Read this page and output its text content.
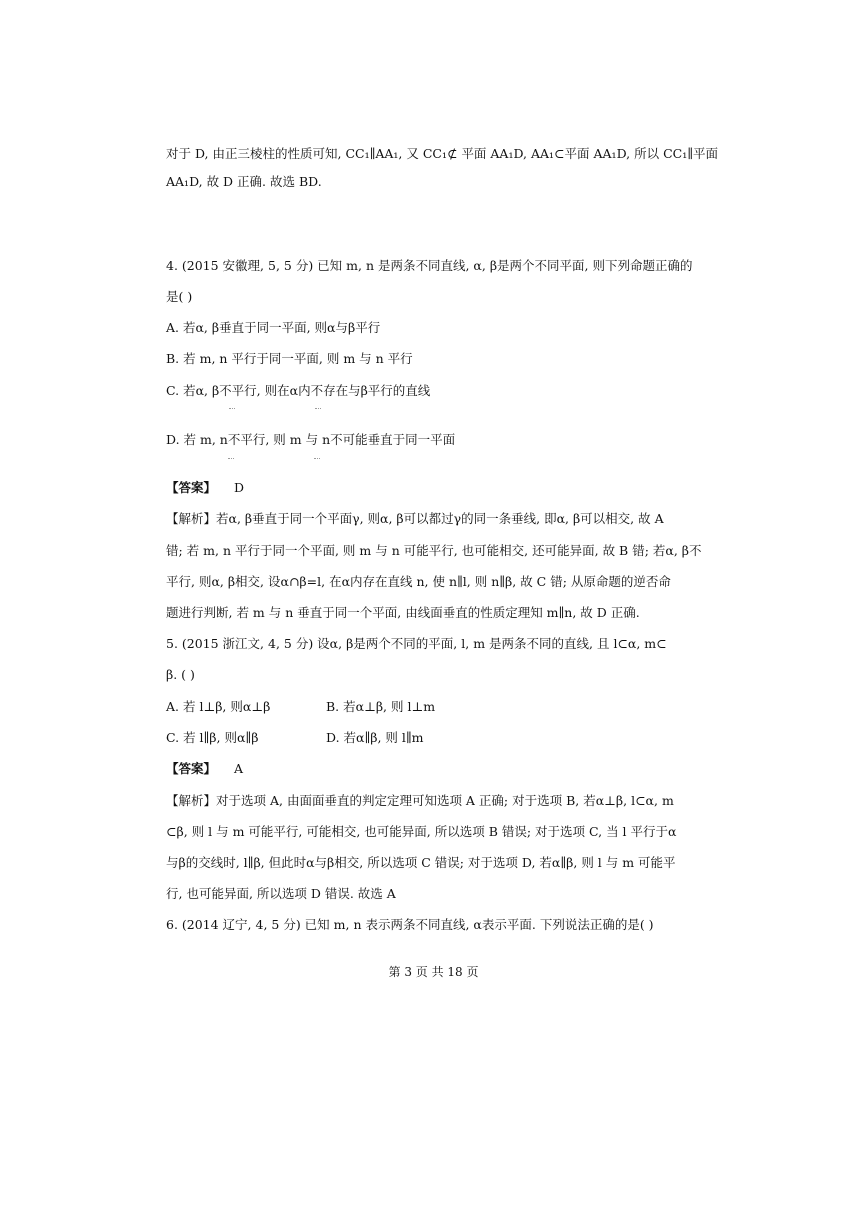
对于 D, 由正三棱柱的性质可知, CC₁∥AA₁, 又 CC₁⊄ 平面 AA₁D, AA₁⊂平面 AA₁D, 所以 CC₁∥平面
AA₁D, 故 D 正确. 故选 BD.
4. (2015 安徽理, 5, 5 分) 已知 m, n 是两条不同直线, α, β是两个不同平面, 则下列命题正确的
是( )
A. 若α, β垂直于同一平面, 则α与β平行
B. 若 m, n 平行于同一平面, 则 m 与 n 平行
C. 若α, β不平行, 则在α内不存在与β平行的直线
D. 若 m, n不平行, 则 m 与 n不可能垂直于同一平面
【答案】 D
【解析】若α, β垂直于同一个平面γ, 则α, β可以都过γ的同一条垂线, 即α, β可以相交, 故 A
错; 若 m, n 平行于同一个平面, 则 m 与 n 可能平行, 也可能相交, 还可能异面, 故 B 错; 若α, β不
平行, 则α, β相交, 设α∩β=l, 在α内存在直线 n, 使 n∥l, 则 n∥β, 故 C 错; 从原命题的逆否命
题进行判断, 若 m 与 n 垂直于同一个平面, 由线面垂直的性质定理知 m∥n, 故 D 正确.
5. (2015 浙江文, 4, 5 分) 设α, β是两个不同的平面, l, m 是两条不同的直线, 且 l⊂α, m⊂
β. ( )
A. 若 l⊥β, 则α⊥β	B. 若α⊥β, 则 l⊥m
C. 若 l∥β, 则α∥β	D. 若α∥β, 则 l∥m
【答案】 A
【解析】对于选项 A, 由面面垂直的判定定理可知选项 A 正确; 对于选项 B, 若α⊥β, l⊂α, m
⊂β, 则 l 与 m 可能平行, 可能相交, 也可能异面, 所以选项 B 错误; 对于选项 C, 当 l 平行于α
与β的交线时, l∥β, 但此时α与β相交, 所以选项 C 错误; 对于选项 D, 若α∥β, 则 l 与 m 可能平
行, 也可能异面, 所以选项 D 错误. 故选 A
6. (2014 辽宁, 4, 5 分) 已知 m, n 表示两条不同直线, α表示平面. 下列说法正确的是( )
第 3 页 共 18 页
